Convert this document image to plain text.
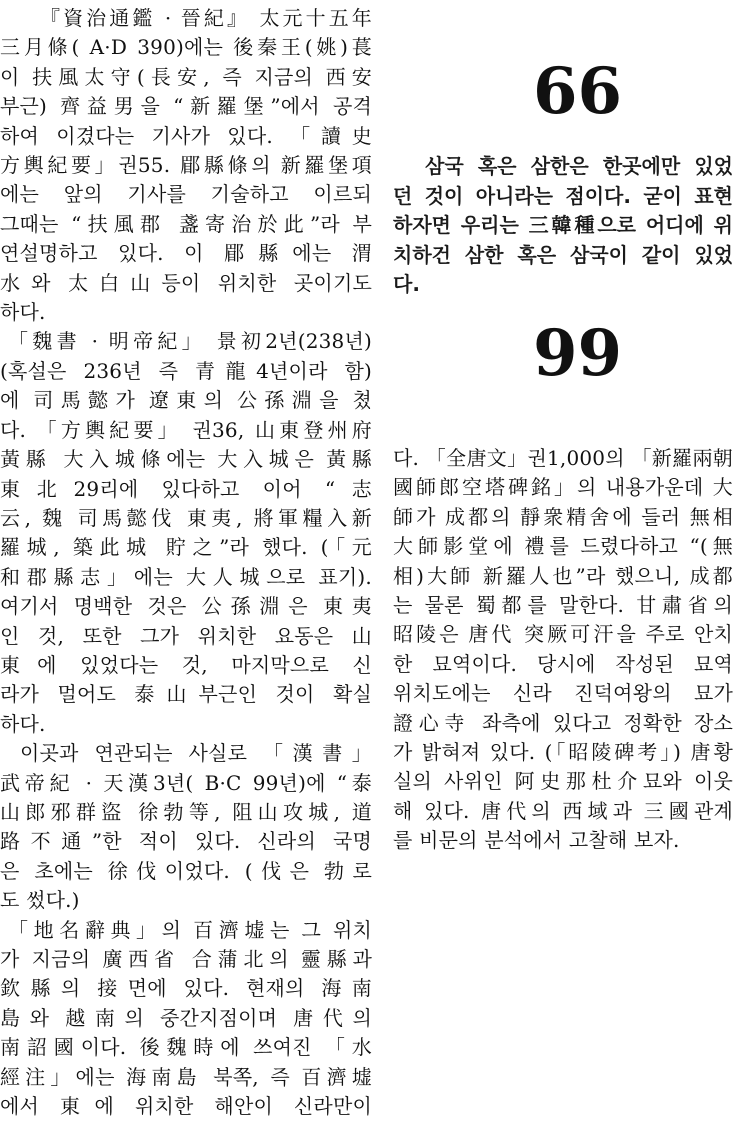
『資治通鑑 · 晉紀』 太元十五年
三月條( A·D 390)에는 後秦王(姚)萇
이 扶風太守(長安, 즉 지금의 西安
부근) 齊益男을 “新羅堡”에서 공격
하여 이겼다는 기사가 있다. 「讀史
方輿紀要」권55. 郿縣條의 新羅堡項
에는 앞의 기사를 기술하고 이르되
그때는 “扶風郡 盞寄治於此”라 부
연설명하고 있다. 이 郿縣에는 渭
水와 太白山등이 위치한 곳이기도
하다.

「魏書 · 明帝紀」 景初2년(238년)
(혹설은 236년 즉 青龍4년이라 함)
에 司馬懿가 遼東의 公孫淵을 쳤
다. 「方輿紀要」 권36, 山東登州府
黃縣 大入城條에는 大入城은 黃縣
東北29리에 있다하고 이어 “志
云, 魏 司馬懿伐 東夷, 將軍糧入新
羅城, 築此城 貯之”라 했다. (「元
和郡縣志」에는 大人城으로 표기).
여기서 명백한 것은 公孫淵은 東夷
인 것, 또한 그가 위치한 요동은 山
東에 있었다는 것, 마지막으로 신
라가 멀어도 泰山부근인 것이 확실
하다.

이곳과 연관되는 사실로 「漢書」
武帝紀 · 天漢3년( B·C 99년)에 “泰
山郎邪群盜 徐勃等, 阻山攻城, 道
路不通”한 적이 있다. 신라의 국명
은 초에는 徐伐이었다. (伐은 勃로
도 썼다.)

「地名辭典」의 百濟墟는 그 위치
가 지금의 廣西省 合蒲北의 靈縣과
欽縣의 接면에 있다. 현재의 海南
島와 越南의 중간지점이며 唐代의
南詔國이다. 後魏時에 쓰여진 「水
經注」에는 海南島 북쪽, 즉 百濟墟
에서 東에 위치한 해안이 신라만이

66
삼국 혹은 삼한은 한곳에만 있었
던 것이 아니라는 점이다. 굳이 표현
하자면 우리는 三韓種으로 어디에 위
치하건 삼한 혹은 삼국이 같이 있었
다.
99
다. 「全唐文」권1,000의 「新羅兩朝
國師郎空塔碑銘」의 내용가운데 大
師가 成都의 靜衆精舍에 들러 無相
大師影堂에 禮를 드렸다하고 “(無
相)大師 新羅人也”라 했으니, 成都
는 물론 蜀都를 말한다. 甘肅省의
昭陵은 唐代 突厥可汗을 주로 안치
한 묘역이다. 당시에 작성된 묘역
위치도에는 신라 진덕여왕의 묘가
證心寺 좌측에 있다고 정확한 장소
가 밝혀져 있다. (「昭陵碑考」) 唐황
실의 사위인 阿史那杜介묘와 이웃
해 있다. 唐代의 西域과 三國관계
를 비문의 분석에서 고찰해 보자.
